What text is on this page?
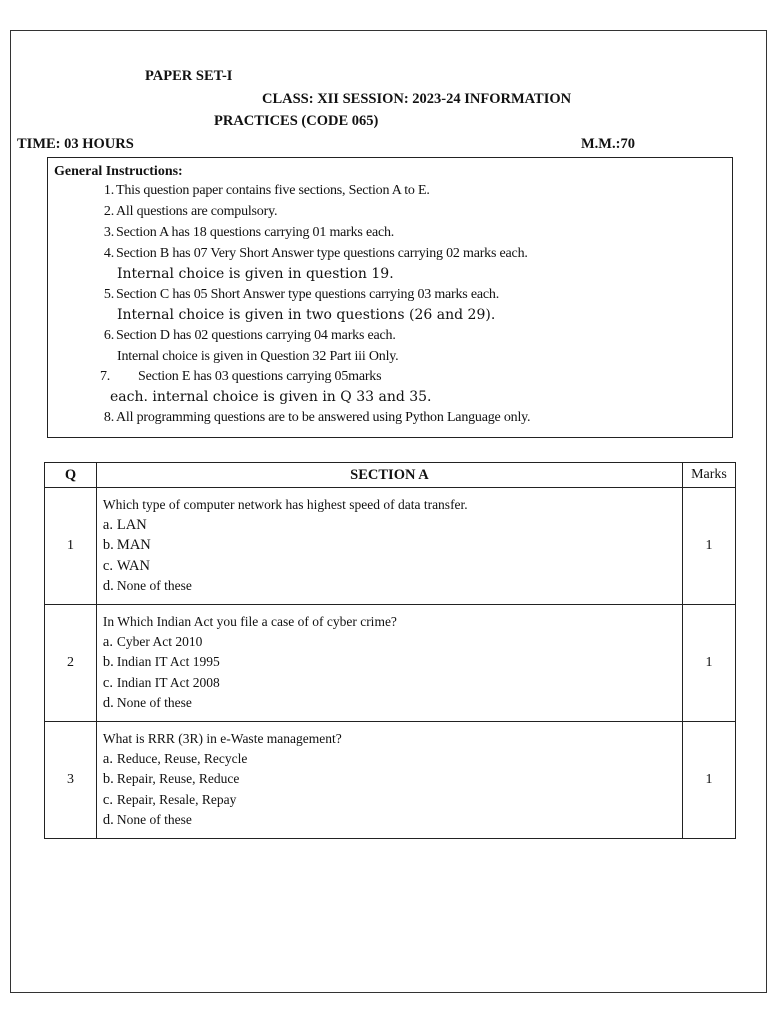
PAPER SET-I
CLASS: XII SESSION: 2023-24 INFORMATION
PRACTICES (CODE 065)
TIME: 03 HOURS	M.M.:70
General Instructions:
1. This question paper contains five sections, Section A to E.
2. All questions are compulsory.
3. Section A has 18 questions carrying 01 marks each.
4. Section B has 07 Very Short Answer type questions carrying 02 marks each.
Internal choice is given in question 19.
5. Section C has 05 Short Answer type questions carrying 03 marks each.
Internal choice is given in two questions (26 and 29).
6. Section D has 02 questions carrying 04 marks each.
Internal choice is given in Question 32 Part iii Only.
7. Section E has 03 questions carrying 05marks
each. internal choice is given in Q 33 and 35.
8. All programming questions are to be answered using Python Language only.
Q	SECTION A	Marks
1	Which type of computer network has highest speed of data transfer.
a. LAN
b. MAN
c. WAN
d. None of these	1
2	In Which Indian Act you file a case of of cyber crime?
a. Cyber Act 2010
b. Indian IT Act 1995
c. Indian IT Act 2008
d. None of these	1
3	What is RRR (3R) in e-Waste management?
a. Reduce, Reuse, Recycle
b. Repair, Reuse, Reduce
c. Repair, Resale, Repay
d. None of these	1
